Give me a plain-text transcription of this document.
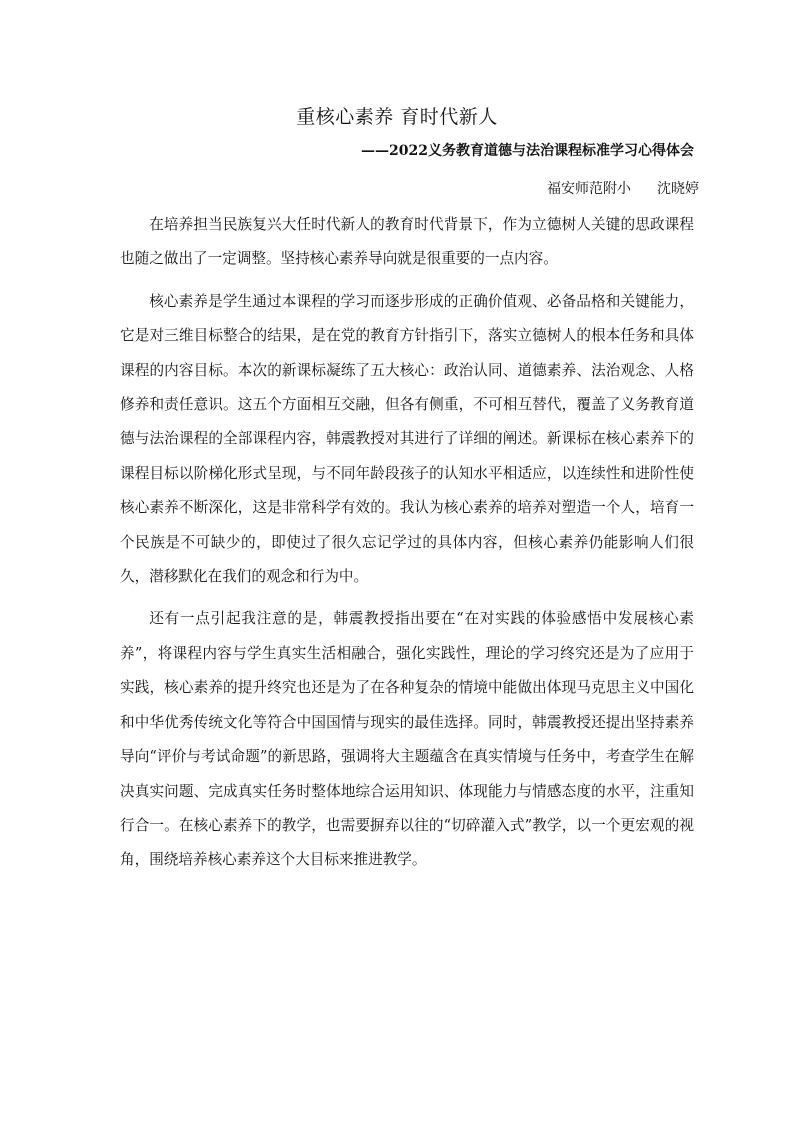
重核心素养 育时代新人
——2022义务教育道德与法治课程标准学习心得体会
福安师范附小 沈晓婷

在培养担当民族复兴大任时代新人的教育时代背景下，作为立德树人关键的思政课程也随之做出了一定调整。坚持核心素养导向就是很重要的一点内容。

核心素养是学生通过本课程的学习而逐步形成的正确价值观、必备品格和关键能力，它是对三维目标整合的结果，是在党的教育方针指引下，落实立德树人的根本任务和具体课程的内容目标。本次的新课标凝练了五大核心：政治认同、道德素养、法治观念、人格修养和责任意识。这五个方面相互交融，但各有侧重，不可相互替代，覆盖了义务教育道德与法治课程的全部课程内容，韩震教授对其进行了详细的阐述。新课标在核心素养下的课程目标以阶梯化形式呈现，与不同年龄段孩子的认知水平相适应，以连续性和进阶性使核心素养不断深化，这是非常科学有效的。我认为核心素养的培养对塑造一个人，培育一个民族是不可缺少的，即使过了很久忘记学过的具体内容，但核心素养仍能影响人们很久，潜移默化在我们的观念和行为中。

还有一点引起我注意的是，韩震教授指出要在“在对实践的体验感悟中发展核心素养”，将课程内容与学生真实生活相融合，强化实践性，理论的学习终究还是为了应用于实践，核心素养的提升终究也还是为了在各种复杂的情境中能做出体现马克思主义中国化和中华优秀传统文化等符合中国国情与现实的最佳选择。同时，韩震教授还提出坚持素养导向“评价与考试命题”的新思路，强调将大主题蕴含在真实情境与任务中，考查学生在解决真实问题、完成真实任务时整体地综合运用知识、体现能力与情感态度的水平，注重知行合一。在核心素养下的教学，也需要摒弃以往的“切碎灌入式”教学，以一个更宏观的视角，围绕培养核心素养这个大目标来推进教学。
